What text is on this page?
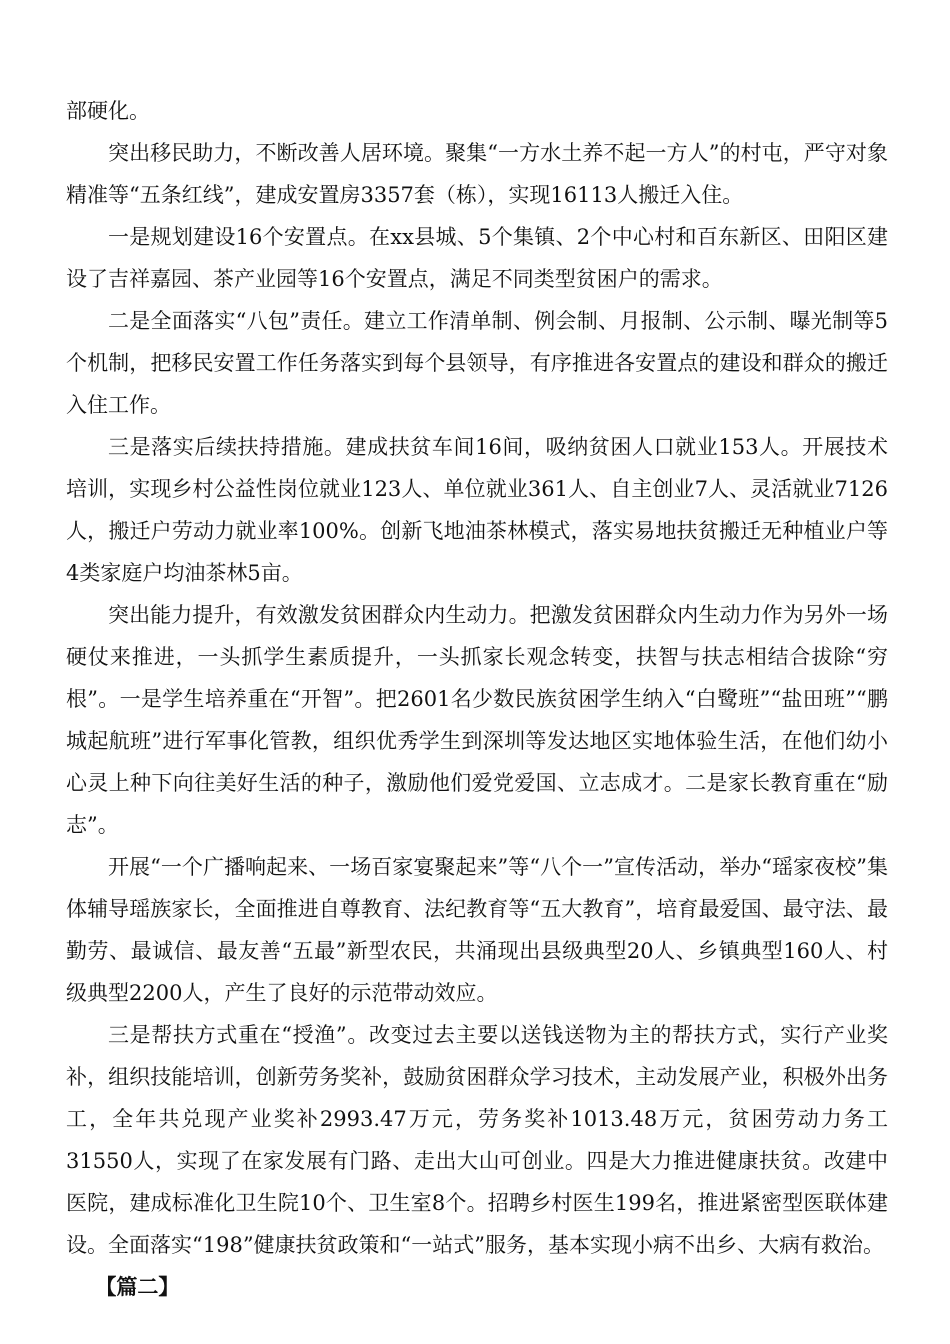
部硬化。

突出移民助力，不断改善人居环境。聚集“一方水土养不起一方人”的村屯，严守对象精准等“五条红线”，建成安置房3357套（栋），实现16113人搬迁入住。

一是规划建设16个安置点。在xx县城、5个集镇、2个中心村和百东新区、田阳区建设了吉祥嘉园、茶产业园等16个安置点，满足不同类型贫困户的需求。

二是全面落实“八包”责任。建立工作清单制、例会制、月报制、公示制、曝光制等5个机制，把移民安置工作任务落实到每个县领导，有序推进各安置点的建设和群众的搬迁入住工作。

三是落实后续扶持措施。建成扶贫车间16间，吸纳贫困人口就业153人。开展技术培训，实现乡村公益性岗位就业123人、单位就业361人、自主创业7人、灵活就业7126人，搬迁户劳动力就业率100%。创新飞地油茶林模式，落实易地扶贫搬迁无种植业户等4类家庭户均油茶林5亩。

突出能力提升，有效激发贫困群众内生动力。把激发贫困群众内生动力作为另外一场硬仗来推进，一头抓学生素质提升，一头抓家长观念转变，扶智与扶志相结合拔除“穷根”。一是学生培养重在“开智”。把2601名少数民族贫困学生纳入“白鹭班”“盐田班”“鹏城起航班”进行军事化管教，组织优秀学生到深圳等发达地区实地体验生活，在他们幼小心灵上种下向往美好生活的种子，激励他们爱党爱国、立志成才。二是家长教育重在“励志”。

开展“一个广播响起来、一场百家宴聚起来”等“八个一”宣传活动，举办“瑶家夜校”集体辅导瑶族家长，全面推进自尊教育、法纪教育等“五大教育”，培育最爱国、最守法、最勤劳、最诚信、最友善“五最”新型农民，共涌现出县级典型20人、乡镇典型160人、村级典型2200人，产生了良好的示范带动效应。

三是帮扶方式重在“授渔”。改变过去主要以送钱送物为主的帮扶方式，实行产业奖补，组织技能培训，创新劳务奖补，鼓励贫困群众学习技术，主动发展产业，积极外出务工，全年共兑现产业奖补2993.47万元，劳务奖补1013.48万元，贫困劳动力务工31550人，实现了在家发展有门路、走出大山可创业。四是大力推进健康扶贫。改建中医院，建成标准化卫生院10个、卫生室8个。招聘乡村医生199名，推进紧密型医联体建设。全面落实“198”健康扶贫政策和“一站式”服务，基本实现小病不出乡、大病有救治。

【篇二】
